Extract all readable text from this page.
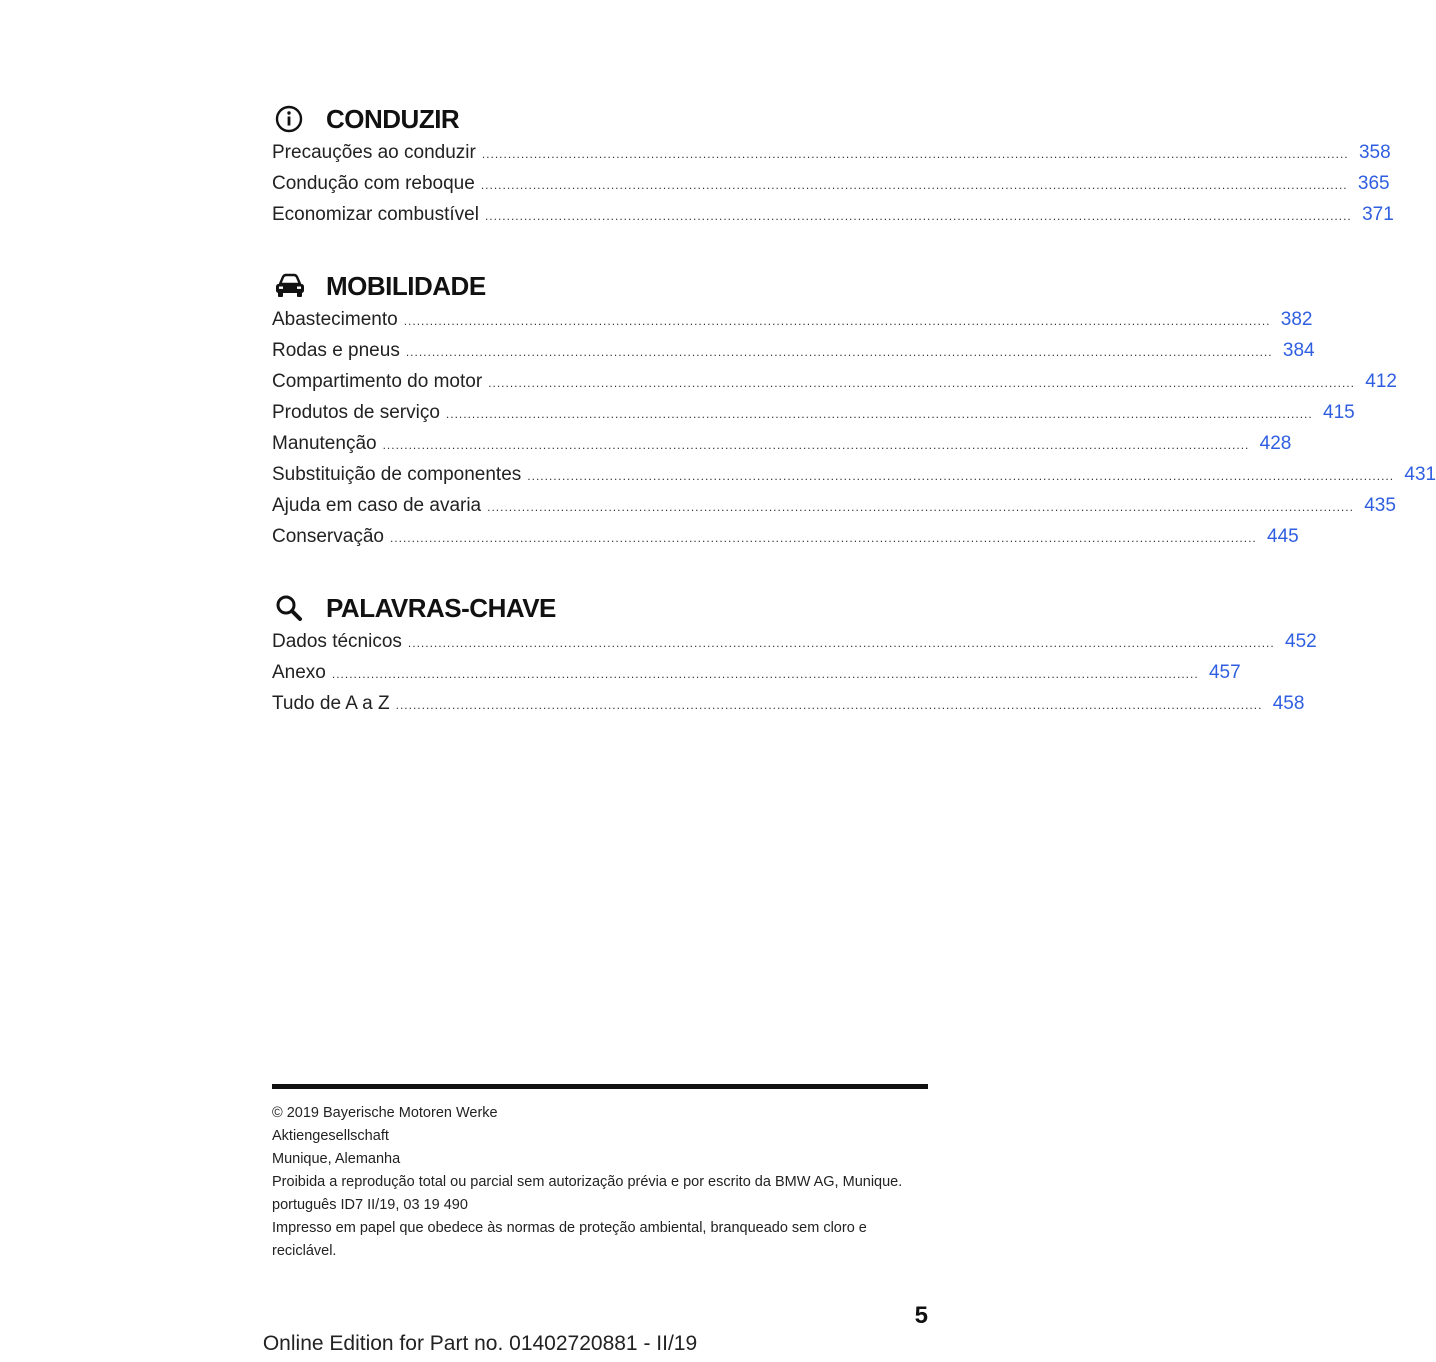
CONDUZIR
Precauções ao conduzir ........................................................................................................................................................................................................ 358
Condução com reboque ........................................................................................................................................................................................................ 365
Economizar combustível ........................................................................................................................................................................................................ 371
MOBILIDADE
Abastecimento ........................................................................................................................................................................................................ 382
Rodas e pneus ........................................................................................................................................................................................................ 384
Compartimento do motor ........................................................................................................................................................................................................ 412
Produtos de serviço ........................................................................................................................................................................................................ 415
Manutenção ........................................................................................................................................................................................................ 428
Substituição de componentes ........................................................................................................................................................................................................ 431
Ajuda em caso de avaria ........................................................................................................................................................................................................ 435
Conservação ........................................................................................................................................................................................................ 445
PALAVRAS-CHAVE
Dados técnicos ........................................................................................................................................................................................................ 452
Anexo ........................................................................................................................................................................................................ 457
Tudo de A a Z ........................................................................................................................................................................................................ 458
© 2019 Bayerische Motoren Werke
Aktiengesellschaft
Munique, Alemanha
Proibida a reprodução total ou parcial sem autorização prévia e por escrito da BMW AG, Munique.
português ID7 II/19, 03 19 490
Impresso em papel que obedece às normas de proteção ambiental, branqueado sem cloro e reciclável.
5
Online Edition for Part no. 01402720881 - II/19
